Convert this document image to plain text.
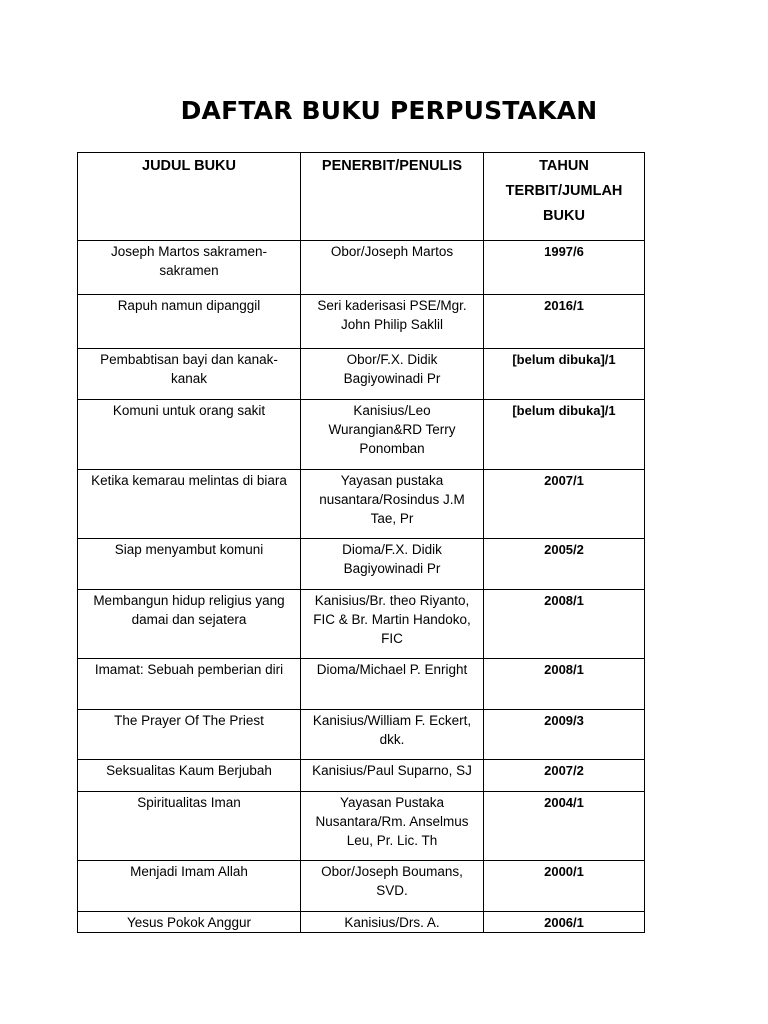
DAFTAR BUKU PERPUSTAKAN
JUDUL BUKU	PENERBIT/PENULIS	TAHUN TERBIT/JUMLAH BUKU
Joseph Martos sakramen-sakramen	Obor/Joseph Martos	1997/6
Rapuh namun dipanggil	Seri kaderisasi PSE/Mgr. John Philip Saklil	2016/1
Pembabtisan bayi dan kanak-kanak	Obor/F.X. Didik Bagiyowinadi Pr	[belum dibuka]/1
Komuni untuk orang sakit	Kanisius/Leo Wurangian&RD Terry Ponomban	[belum dibuka]/1
Ketika kemarau melintas di biara	Yayasan pustaka nusantara/Rosindus J.M Tae, Pr	2007/1
Siap menyambut komuni	Dioma/F.X. Didik Bagiyowinadi Pr	2005/2
Membangun hidup religius yang damai dan sejatera	Kanisius/Br. theo Riyanto, FIC & Br. Martin Handoko, FIC	2008/1
Imamat: Sebuah pemberian diri	Dioma/Michael P. Enright	2008/1
The Prayer Of The Priest	Kanisius/William F. Eckert, dkk.	2009/3
Seksualitas Kaum Berjubah	Kanisius/Paul Suparno, SJ	2007/2
Spiritualitas Iman	Yayasan Pustaka Nusantara/Rm. Anselmus Leu, Pr. Lic. Th	2004/1
Menjadi Imam Allah	Obor/Joseph Boumans, SVD.	2000/1
Yesus Pokok Anggur	Kanisius/Drs. A.	2006/1
